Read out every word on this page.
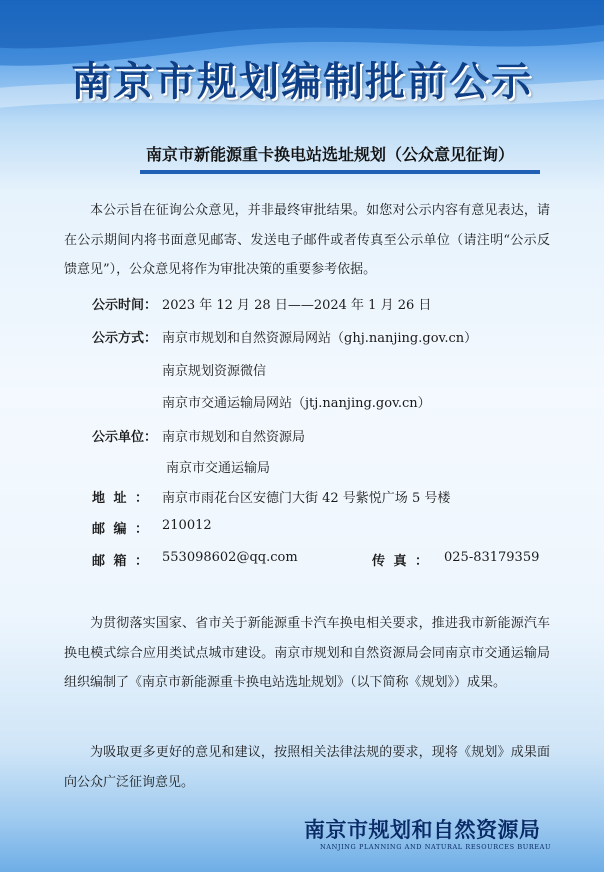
南京市规划编制批前公示
南京市新能源重卡换电站选址规划（公众意见征询）
本公示旨在征询公众意见，并非最终审批结果。如您对公示内容有意见表达，请在公示期间内将书面意见邮寄、发送电子邮件或者传真至公示单位（请注明“公示反馈意见”），公众意见将作为审批决策的重要参考依据。
公示时间： 2023 年 12 月 28 日——2024 年 1 月 26 日
公示方式： 南京市规划和自然资源局网站（ghj.nanjing.gov.cn）
南京规划资源微信
南京市交通运输局网站（jtj.nanjing.gov.cn）
公示单位： 南京市规划和自然资源局
南京市交通运输局
地址： 南京市雨花台区安德门大街 42 号紫悦广场 5 号楼
邮编： 210012
邮箱： 553098602@qq.com	传真： 025-83179359
为贯彻落实国家、省市关于新能源重卡汽车换电相关要求，推进我市新能源汽车换电模式综合应用类试点城市建设。南京市规划和自然资源局会同南京市交通运输局组织编制了《南京市新能源重卡换电站选址规划》（以下简称《规划》）成果。
为吸取更多更好的意见和建议，按照相关法律法规的要求，现将《规划》成果面向公众广泛征询意见。
南京市规划和自然资源局
NANJING PLANNING AND NATURAL RESOURCES BUREAU
